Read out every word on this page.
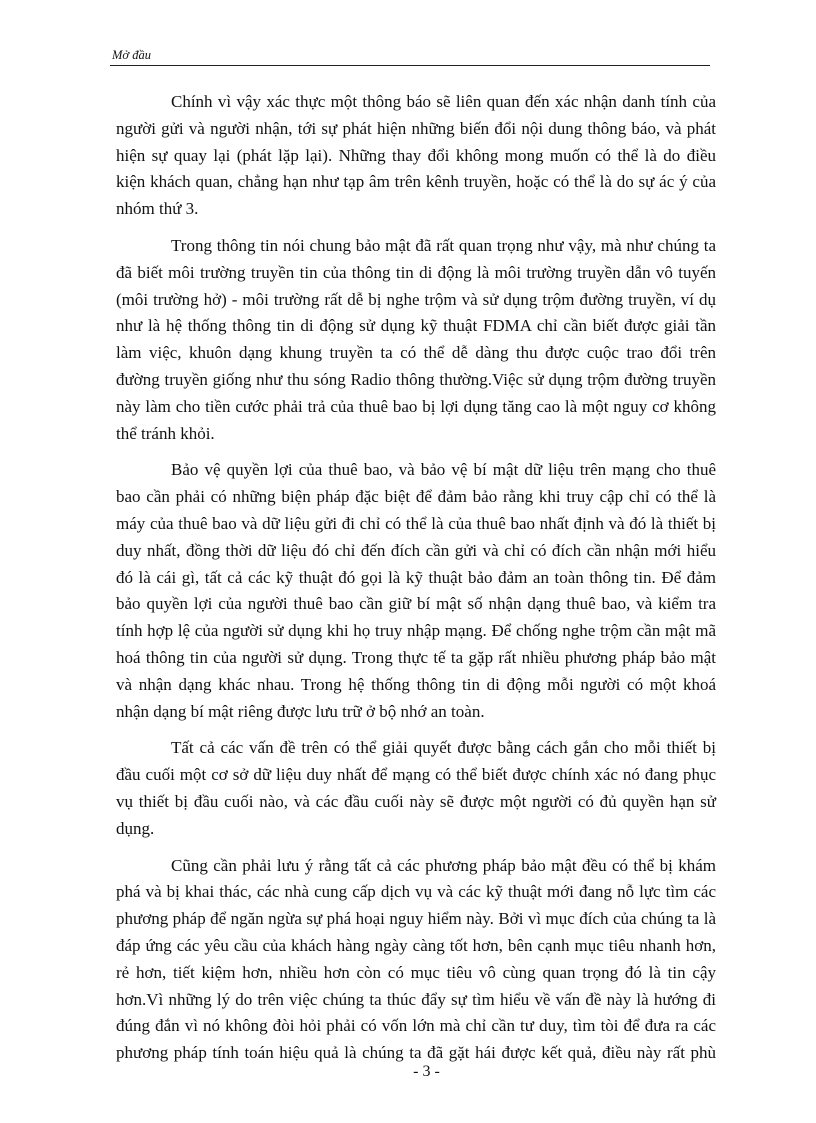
Mở đầu

Chính vì vậy xác thực một thông báo sẽ liên quan đến xác nhận danh tính của
người gửi và người nhận, tới sự phát hiện những biến đổi nội dung thông báo, và phát
hiện sự quay lại (phát lặp lại). Những thay đổi không mong muốn có thể là do điều
kiện khách quan, chẳng hạn như tạp âm trên kênh truyền, hoặc có thể là do sự ác ý của
nhóm thứ 3.

Trong thông tin nói chung bảo mật đã rất quan trọng như vậy, mà như chúng ta
đã biết môi trường truyền tin của thông tin di động là môi trường truyền dẫn vô tuyến
(môi trường hở) - môi trường rất dễ bị nghe trộm và sử dụng trộm đường truyền, ví dụ
như là hệ thống thông tin di động sử dụng kỹ thuật FDMA chỉ cần biết được giải tần
làm việc, khuôn dạng khung truyền ta có thể dễ dàng thu được cuộc trao đổi trên
đường truyền giống như thu sóng Radio thông thường.Việc sử dụng trộm đường truyền
này làm cho tiền cước phải trả của thuê bao bị lợi dụng tăng cao là một nguy cơ không
thể tránh khỏi.

Bảo vệ quyền lợi của thuê bao, và bảo vệ bí mật dữ liệu trên mạng cho thuê
bao cần phải có những biện pháp đặc biệt để đảm bảo rằng khi truy cập chỉ có thể là
máy của thuê bao và dữ liệu gửi đi chỉ có thể là của thuê bao nhất định và đó là thiết bị
duy nhất, đồng thời dữ liệu đó chỉ đến đích cần gửi và chỉ có đích cần nhận mới hiểu
đó là cái gì, tất cả các kỹ thuật đó gọi là kỹ thuật bảo đảm an toàn thông tin. Để đảm
bảo quyền lợi của người thuê bao cần giữ bí mật số nhận dạng thuê bao, và kiểm tra
tính hợp lệ của người sử dụng khi họ truy nhập mạng. Để chống nghe trộm cần mật mã
hoá thông tin của người sử dụng. Trong thực tế ta gặp rất nhiều phương pháp bảo mật
và nhận dạng khác nhau. Trong hệ thống thông tin di động mỗi người có một khoá
nhận dạng bí mật riêng được lưu trữ ở bộ nhớ an toàn.

Tất cả các vấn đề trên có thể giải quyết được bằng cách gắn cho mỗi thiết bị
đầu cuối một cơ sở dữ liệu duy nhất để mạng có thể biết được chính xác nó đang phục
vụ thiết bị đầu cuối nào, và các đầu cuối này sẽ được một người có đủ quyền hạn sử
dụng.

Cũng cần phải lưu ý rằng tất cả các phương pháp bảo mật đều có thể bị khám
phá và bị khai thác, các nhà cung cấp dịch vụ và các kỹ thuật mới đang nỗ lực tìm các
phương pháp để ngăn ngừa sự phá hoại nguy hiểm này. Bởi vì mục đích của chúng ta là
đáp ứng các yêu cầu của khách hàng ngày càng tốt hơn, bên cạnh mục tiêu nhanh hơn,
rẻ hơn, tiết kiệm hơn, nhiều hơn còn có mục tiêu vô cùng quan trọng đó là tin cậy
hơn.Vì những lý do trên việc chúng ta thúc đẩy sự tìm hiểu về vấn đề này là hướng đi
đúng đắn vì nó không đòi hỏi phải có vốn lớn mà chỉ cần tư duy, tìm tòi để đưa ra các
phương pháp tính toán hiệu quả là chúng ta đã gặt hái được kết quả, điều này rất phù

- 3 -
